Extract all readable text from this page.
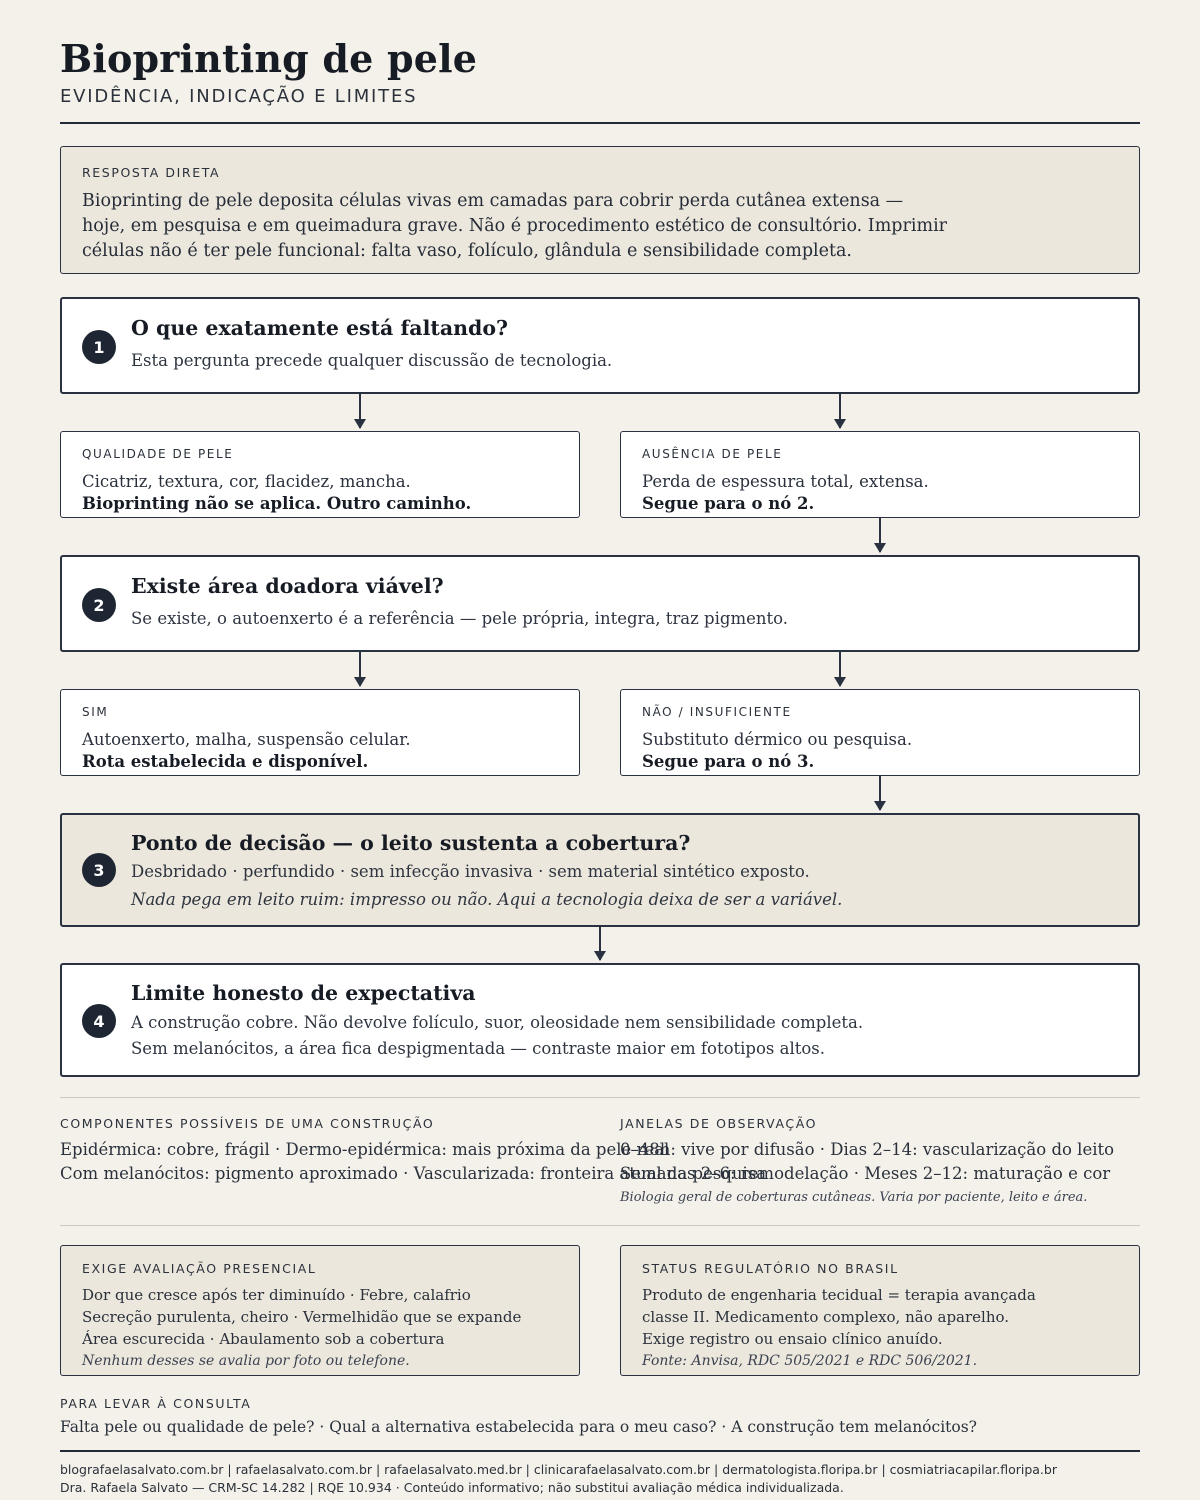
Bioprinting de pele
EVIDÊNCIA, INDICAÇÃO E LIMITES
RESPOSTA DIRETA
Bioprinting de pele deposita células vivas em camadas para cobrir perda cutânea extensa —
hoje, em pesquisa e em queimadura grave. Não é procedimento estético de consultório. Imprimir
células não é ter pele funcional: falta vaso, folículo, glândula e sensibilidade completa.
1
O que exatamente está faltando?
Esta pergunta precede qualquer discussão de tecnologia.
QUALIDADE DE PELE
Cicatriz, textura, cor, flacidez, mancha.
Bioprinting não se aplica. Outro caminho.
AUSÊNCIA DE PELE
Perda de espessura total, extensa.
Segue para o nó 2.
2
Existe área doadora viável?
Se existe, o autoenxerto é a referência — pele própria, integra, traz pigmento.
SIM
Autoenxerto, malha, suspensão celular.
Rota estabelecida e disponível.
NÃO / INSUFICIENTE
Substituto dérmico ou pesquisa.
Segue para o nó 3.
3
Ponto de decisão — o leito sustenta a cobertura?
Desbridado · perfundido · sem infecção invasiva · sem material sintético exposto.
Nada pega em leito ruim: impresso ou não. Aqui a tecnologia deixa de ser a variável.
4
Limite honesto de expectativa
A construção cobre. Não devolve folículo, suor, oleosidade nem sensibilidade completa.
Sem melanócitos, a área fica despigmentada — contraste maior em fototipos altos.
COMPONENTES POSSÍVEIS DE UMA CONSTRUÇÃO
Epidérmica: cobre, frágil · Dermo-epidérmica: mais próxima da pele real
Com melanócitos: pigmento aproximado · Vascularizada: fronteira atual da pesquisa
JANELAS DE OBSERVAÇÃO
0–48h: vive por difusão · Dias 2–14: vascularização do leito
Semanas 2–6: remodelação · Meses 2–12: maturação e cor
Biologia geral de coberturas cutâneas. Varia por paciente, leito e área.
EXIGE AVALIAÇÃO PRESENCIAL
Dor que cresce após ter diminuído · Febre, calafrio
Secreção purulenta, cheiro · Vermelhidão que se expande
Área escurecida · Abaulamento sob a cobertura
Nenhum desses se avalia por foto ou telefone.
STATUS REGULATÓRIO NO BRASIL
Produto de engenharia tecidual = terapia avançada
classe II. Medicamento complexo, não aparelho.
Exige registro ou ensaio clínico anuído.
Fonte: Anvisa, RDC 505/2021 e RDC 506/2021.
PARA LEVAR À CONSULTA
Falta pele ou qualidade de pele? · Qual a alternativa estabelecida para o meu caso? · A construção tem melanócitos?
blografaelasalvato.com.br | rafaelasalvato.com.br | rafaelasalvato.med.br | clinicarafaelasalvato.com.br | dermatologista.floripa.br | cosmiatriacapilar.floripa.br
Dra. Rafaela Salvato — CRM-SC 14.282 | RQE 10.934 · Conteúdo informativo; não substitui avaliação médica individualizada.
